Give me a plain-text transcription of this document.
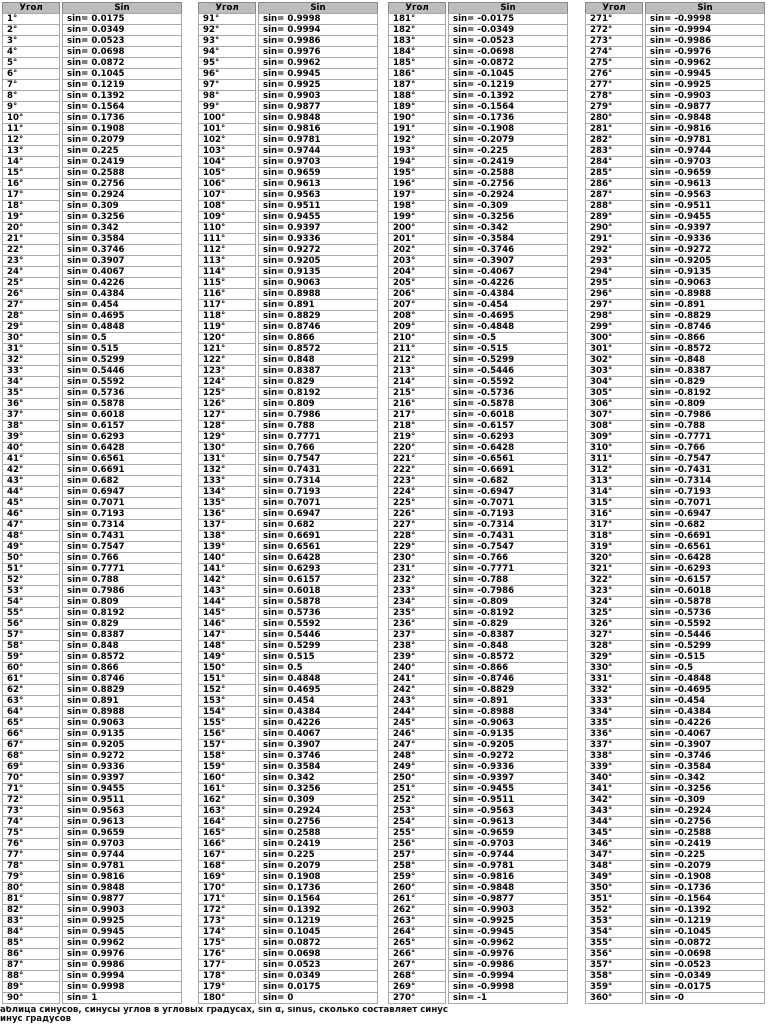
Угол	Sin
1°	sin= 0.0175
2°	sin= 0.0349
3°	sin= 0.0523
4°	sin= 0.0698
5°	sin= 0.0872
6°	sin= 0.1045
7°	sin= 0.1219
8°	sin= 0.1392
9°	sin= 0.1564
10°	sin= 0.1736
11°	sin= 0.1908
12°	sin= 0.2079
13°	sin= 0.225
14°	sin= 0.2419
15°	sin= 0.2588
16°	sin= 0.2756
17°	sin= 0.2924
18°	sin= 0.309
19°	sin= 0.3256
20°	sin= 0.342
21°	sin= 0.3584
22°	sin= 0.3746
23°	sin= 0.3907
24°	sin= 0.4067
25°	sin= 0.4226
26°	sin= 0.4384
27°	sin= 0.454
28°	sin= 0.4695
29°	sin= 0.4848
30°	sin= 0.5
31°	sin= 0.515
32°	sin= 0.5299
33°	sin= 0.5446
34°	sin= 0.5592
35°	sin= 0.5736
36°	sin= 0.5878
37°	sin= 0.6018
38°	sin= 0.6157
39°	sin= 0.6293
40°	sin= 0.6428
41°	sin= 0.6561
42°	sin= 0.6691
43°	sin= 0.682
44°	sin= 0.6947
45°	sin= 0.7071
46°	sin= 0.7193
47°	sin= 0.7314
48°	sin= 0.7431
49°	sin= 0.7547
50°	sin= 0.766
51°	sin= 0.7771
52°	sin= 0.788
53°	sin= 0.7986
54°	sin= 0.809
55°	sin= 0.8192
56°	sin= 0.829
57°	sin= 0.8387
58°	sin= 0.848
59°	sin= 0.8572
60°	sin= 0.866
61°	sin= 0.8746
62°	sin= 0.8829
63°	sin= 0.891
64°	sin= 0.8988
65°	sin= 0.9063
66°	sin= 0.9135
67°	sin= 0.9205
68°	sin= 0.9272
69°	sin= 0.9336
70°	sin= 0.9397
71°	sin= 0.9455
72°	sin= 0.9511
73°	sin= 0.9563
74°	sin= 0.9613
75°	sin= 0.9659
76°	sin= 0.9703
77°	sin= 0.9744
78°	sin= 0.9781
79°	sin= 0.9816
80°	sin= 0.9848
81°	sin= 0.9877
82°	sin= 0.9903
83°	sin= 0.9925
84°	sin= 0.9945
85°	sin= 0.9962
86°	sin= 0.9976
87°	sin= 0.9986
88°	sin= 0.9994
89°	sin= 0.9998
90°	sin= 1
Угол	Sin
91°	sin= 0.9998
92°	sin= 0.9994
93°	sin= 0.9986
94°	sin= 0.9976
95°	sin= 0.9962
96°	sin= 0.9945
97°	sin= 0.9925
98°	sin= 0.9903
99°	sin= 0.9877
100°	sin= 0.9848
101°	sin= 0.9816
102°	sin= 0.9781
103°	sin= 0.9744
104°	sin= 0.9703
105°	sin= 0.9659
106°	sin= 0.9613
107°	sin= 0.9563
108°	sin= 0.9511
109°	sin= 0.9455
110°	sin= 0.9397
111°	sin= 0.9336
112°	sin= 0.9272
113°	sin= 0.9205
114°	sin= 0.9135
115°	sin= 0.9063
116°	sin= 0.8988
117°	sin= 0.891
118°	sin= 0.8829
119°	sin= 0.8746
120°	sin= 0.866
121°	sin= 0.8572
122°	sin= 0.848
123°	sin= 0.8387
124°	sin= 0.829
125°	sin= 0.8192
126°	sin= 0.809
127°	sin= 0.7986
128°	sin= 0.788
129°	sin= 0.7771
130°	sin= 0.766
131°	sin= 0.7547
132°	sin= 0.7431
133°	sin= 0.7314
134°	sin= 0.7193
135°	sin= 0.7071
136°	sin= 0.6947
137°	sin= 0.682
138°	sin= 0.6691
139°	sin= 0.6561
140°	sin= 0.6428
141°	sin= 0.6293
142°	sin= 0.6157
143°	sin= 0.6018
144°	sin= 0.5878
145°	sin= 0.5736
146°	sin= 0.5592
147°	sin= 0.5446
148°	sin= 0.5299
149°	sin= 0.515
150°	sin= 0.5
151°	sin= 0.4848
152°	sin= 0.4695
153°	sin= 0.454
154°	sin= 0.4384
155°	sin= 0.4226
156°	sin= 0.4067
157°	sin= 0.3907
158°	sin= 0.3746
159°	sin= 0.3584
160°	sin= 0.342
161°	sin= 0.3256
162°	sin= 0.309
163°	sin= 0.2924
164°	sin= 0.2756
165°	sin= 0.2588
166°	sin= 0.2419
167°	sin= 0.225
168°	sin= 0.2079
169°	sin= 0.1908
170°	sin= 0.1736
171°	sin= 0.1564
172°	sin= 0.1392
173°	sin= 0.1219
174°	sin= 0.1045
175°	sin= 0.0872
176°	sin= 0.0698
177°	sin= 0.0523
178°	sin= 0.0349
179°	sin= 0.0175
180°	sin= 0
Угол	Sin
181°	sin= -0.0175
182°	sin= -0.0349
183°	sin= -0.0523
184°	sin= -0.0698
185°	sin= -0.0872
186°	sin= -0.1045
187°	sin= -0.1219
188°	sin= -0.1392
189°	sin= -0.1564
190°	sin= -0.1736
191°	sin= -0.1908
192°	sin= -0.2079
193°	sin= -0.225
194°	sin= -0.2419
195°	sin= -0.2588
196°	sin= -0.2756
197°	sin= -0.2924
198°	sin= -0.309
199°	sin= -0.3256
200°	sin= -0.342
201°	sin= -0.3584
202°	sin= -0.3746
203°	sin= -0.3907
204°	sin= -0.4067
205°	sin= -0.4226
206°	sin= -0.4384
207°	sin= -0.454
208°	sin= -0.4695
209°	sin= -0.4848
210°	sin= -0.5
211°	sin= -0.515
212°	sin= -0.5299
213°	sin= -0.5446
214°	sin= -0.5592
215°	sin= -0.5736
216°	sin= -0.5878
217°	sin= -0.6018
218°	sin= -0.6157
219°	sin= -0.6293
220°	sin= -0.6428
221°	sin= -0.6561
222°	sin= -0.6691
223°	sin= -0.682
224°	sin= -0.6947
225°	sin= -0.7071
226°	sin= -0.7193
227°	sin= -0.7314
228°	sin= -0.7431
229°	sin= -0.7547
230°	sin= -0.766
231°	sin= -0.7771
232°	sin= -0.788
233°	sin= -0.7986
234°	sin= -0.809
235°	sin= -0.8192
236°	sin= -0.829
237°	sin= -0.8387
238°	sin= -0.848
239°	sin= -0.8572
240°	sin= -0.866
241°	sin= -0.8746
242°	sin= -0.8829
243°	sin= -0.891
244°	sin= -0.8988
245°	sin= -0.9063
246°	sin= -0.9135
247°	sin= -0.9205
248°	sin= -0.9272
249°	sin= -0.9336
250°	sin= -0.9397
251°	sin= -0.9455
252°	sin= -0.9511
253°	sin= -0.9563
254°	sin= -0.9613
255°	sin= -0.9659
256°	sin= -0.9703
257°	sin= -0.9744
258°	sin= -0.9781
259°	sin= -0.9816
260°	sin= -0.9848
261°	sin= -0.9877
262°	sin= -0.9903
263°	sin= -0.9925
264°	sin= -0.9945
265°	sin= -0.9962
266°	sin= -0.9976
267°	sin= -0.9986
268°	sin= -0.9994
269°	sin= -0.9998
270°	sin= -1
Угол	Sin
271°	sin= -0.9998
272°	sin= -0.9994
273°	sin= -0.9986
274°	sin= -0.9976
275°	sin= -0.9962
276°	sin= -0.9945
277°	sin= -0.9925
278°	sin= -0.9903
279°	sin= -0.9877
280°	sin= -0.9848
281°	sin= -0.9816
282°	sin= -0.9781
283°	sin= -0.9744
284°	sin= -0.9703
285°	sin= -0.9659
286°	sin= -0.9613
287°	sin= -0.9563
288°	sin= -0.9511
289°	sin= -0.9455
290°	sin= -0.9397
291°	sin= -0.9336
292°	sin= -0.9272
293°	sin= -0.9205
294°	sin= -0.9135
295°	sin= -0.9063
296°	sin= -0.8988
297°	sin= -0.891
298°	sin= -0.8829
299°	sin= -0.8746
300°	sin= -0.866
301°	sin= -0.8572
302°	sin= -0.848
303°	sin= -0.8387
304°	sin= -0.829
305°	sin= -0.8192
306°	sin= -0.809
307°	sin= -0.7986
308°	sin= -0.788
309°	sin= -0.7771
310°	sin= -0.766
311°	sin= -0.7547
312°	sin= -0.7431
313°	sin= -0.7314
314°	sin= -0.7193
315°	sin= -0.7071
316°	sin= -0.6947
317°	sin= -0.682
318°	sin= -0.6691
319°	sin= -0.6561
320°	sin= -0.6428
321°	sin= -0.6293
322°	sin= -0.6157
323°	sin= -0.6018
324°	sin= -0.5878
325°	sin= -0.5736
326°	sin= -0.5592
327°	sin= -0.5446
328°	sin= -0.5299
329°	sin= -0.515
330°	sin= -0.5
331°	sin= -0.4848
332°	sin= -0.4695
333°	sin= -0.454
334°	sin= -0.4384
335°	sin= -0.4226
336°	sin= -0.4067
337°	sin= -0.3907
338°	sin= -0.3746
339°	sin= -0.3584
340°	sin= -0.342
341°	sin= -0.3256
342°	sin= -0.309
343°	sin= -0.2924
344°	sin= -0.2756
345°	sin= -0.2588
346°	sin= -0.2419
347°	sin= -0.225
348°	sin= -0.2079
349°	sin= -0.1908
350°	sin= -0.1736
351°	sin= -0.1564
352°	sin= -0.1392
353°	sin= -0.1219
354°	sin= -0.1045
355°	sin= -0.0872
356°	sin= -0.0698
357°	sin= -0.0523
358°	sin= -0.0349
359°	sin= -0.0175
360°	sin= -0
аблица синусов, синусы углов в угловых градусах, sin α, sinus, сколько составляет синус
инус градусов
